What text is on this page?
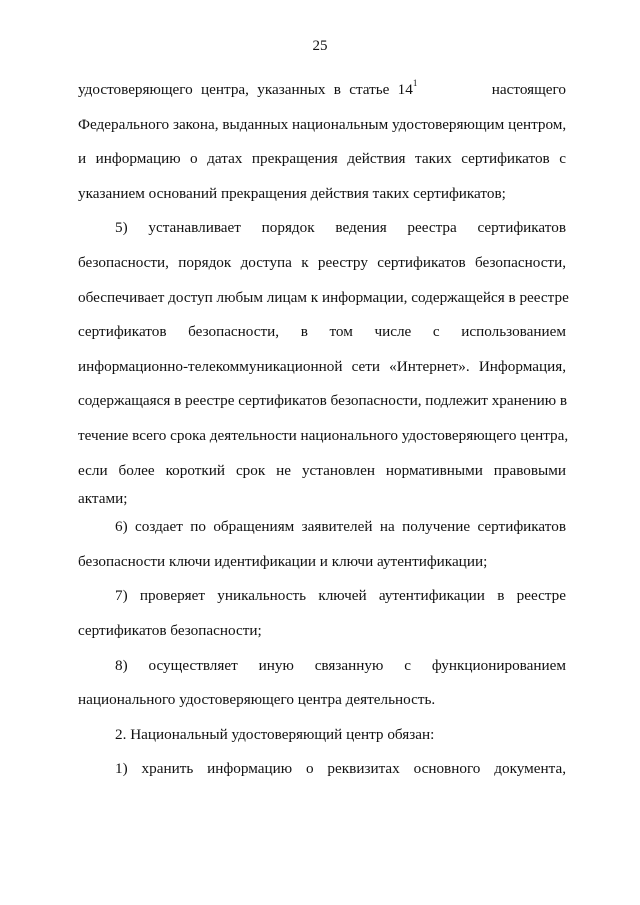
25
удостоверяющего центра, указанных в статье $14^1$	настоящего
Федерального закона, выданных национальным удостоверяющим центром,
и информацию о датах прекращения действия таких сертификатов с
указанием оснований прекращения действия таких сертификатов;
5) устанавливает порядок ведения реестра сертификатов
безопасности, порядок доступа к реестру сертификатов безопасности,
обеспечивает доступ любым лицам к информации, содержащейся в реестре
сертификатов безопасности, в том числе с использованием
информационно-телекоммуникационной сети «Интернет». Информация,
содержащаяся в реестре сертификатов безопасности, подлежит хранению в
течение всего срока деятельности национального удостоверяющего центра,
если более короткий срок не установлен нормативными правовыми
актами;
6) создает по обращениям заявителей на получение сертификатов
безопасности ключи идентификации и ключи аутентификации;
7) проверяет уникальность ключей аутентификации в реестре
сертификатов безопасности;
8) осуществляет иную связанную с функционированием
национального удостоверяющего центра деятельность.
2. Национальный удостоверяющий центр обязан:
1) хранить информацию о реквизитах основного документа,
